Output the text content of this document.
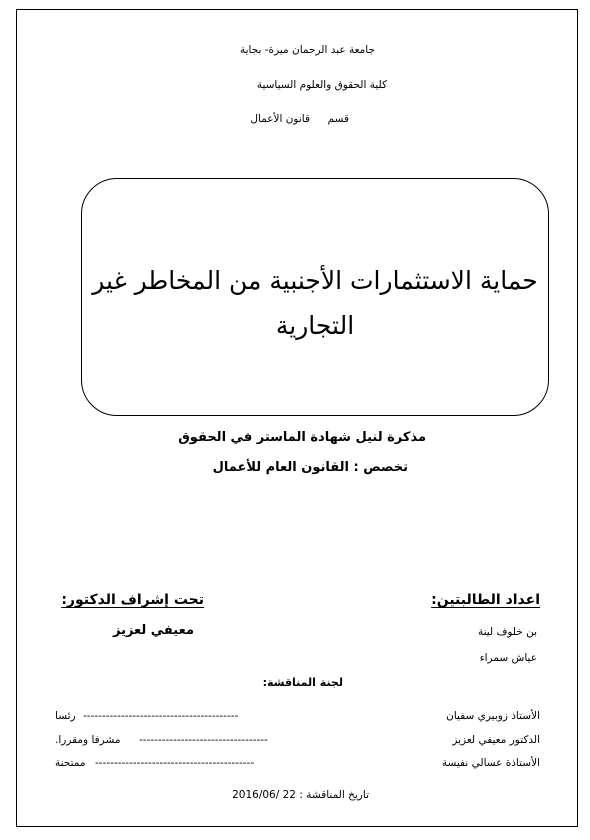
جامعة عبد الرحمان ميرة- بجاية
كلية الحقوق والعلوم السياسية
قسم
قانون الأعمال
حماية الاستثمارات الأجنبية من المخاطر غير
التجارية
مذكرة لنيل شهادة الماستر في الحقوق
تخصص : القانون العام للأعمال
اعداد الطالبتين:
بن خلوف لينة
عياش سمراء
تحت إشراف الدكتور:
معيفي لعزيز
لجنة المناقشة:
الأستاذ زوبيري سفيان
-----------------------------------------
رئسا
الدكتور معيفي لعزيز
----------------------------------
مشرفا ومقررا.
الأستاذة عسالي نفيسة
------------------------------------------
ممتحنة
تاريخ المناقشة : 22 /2016/06
